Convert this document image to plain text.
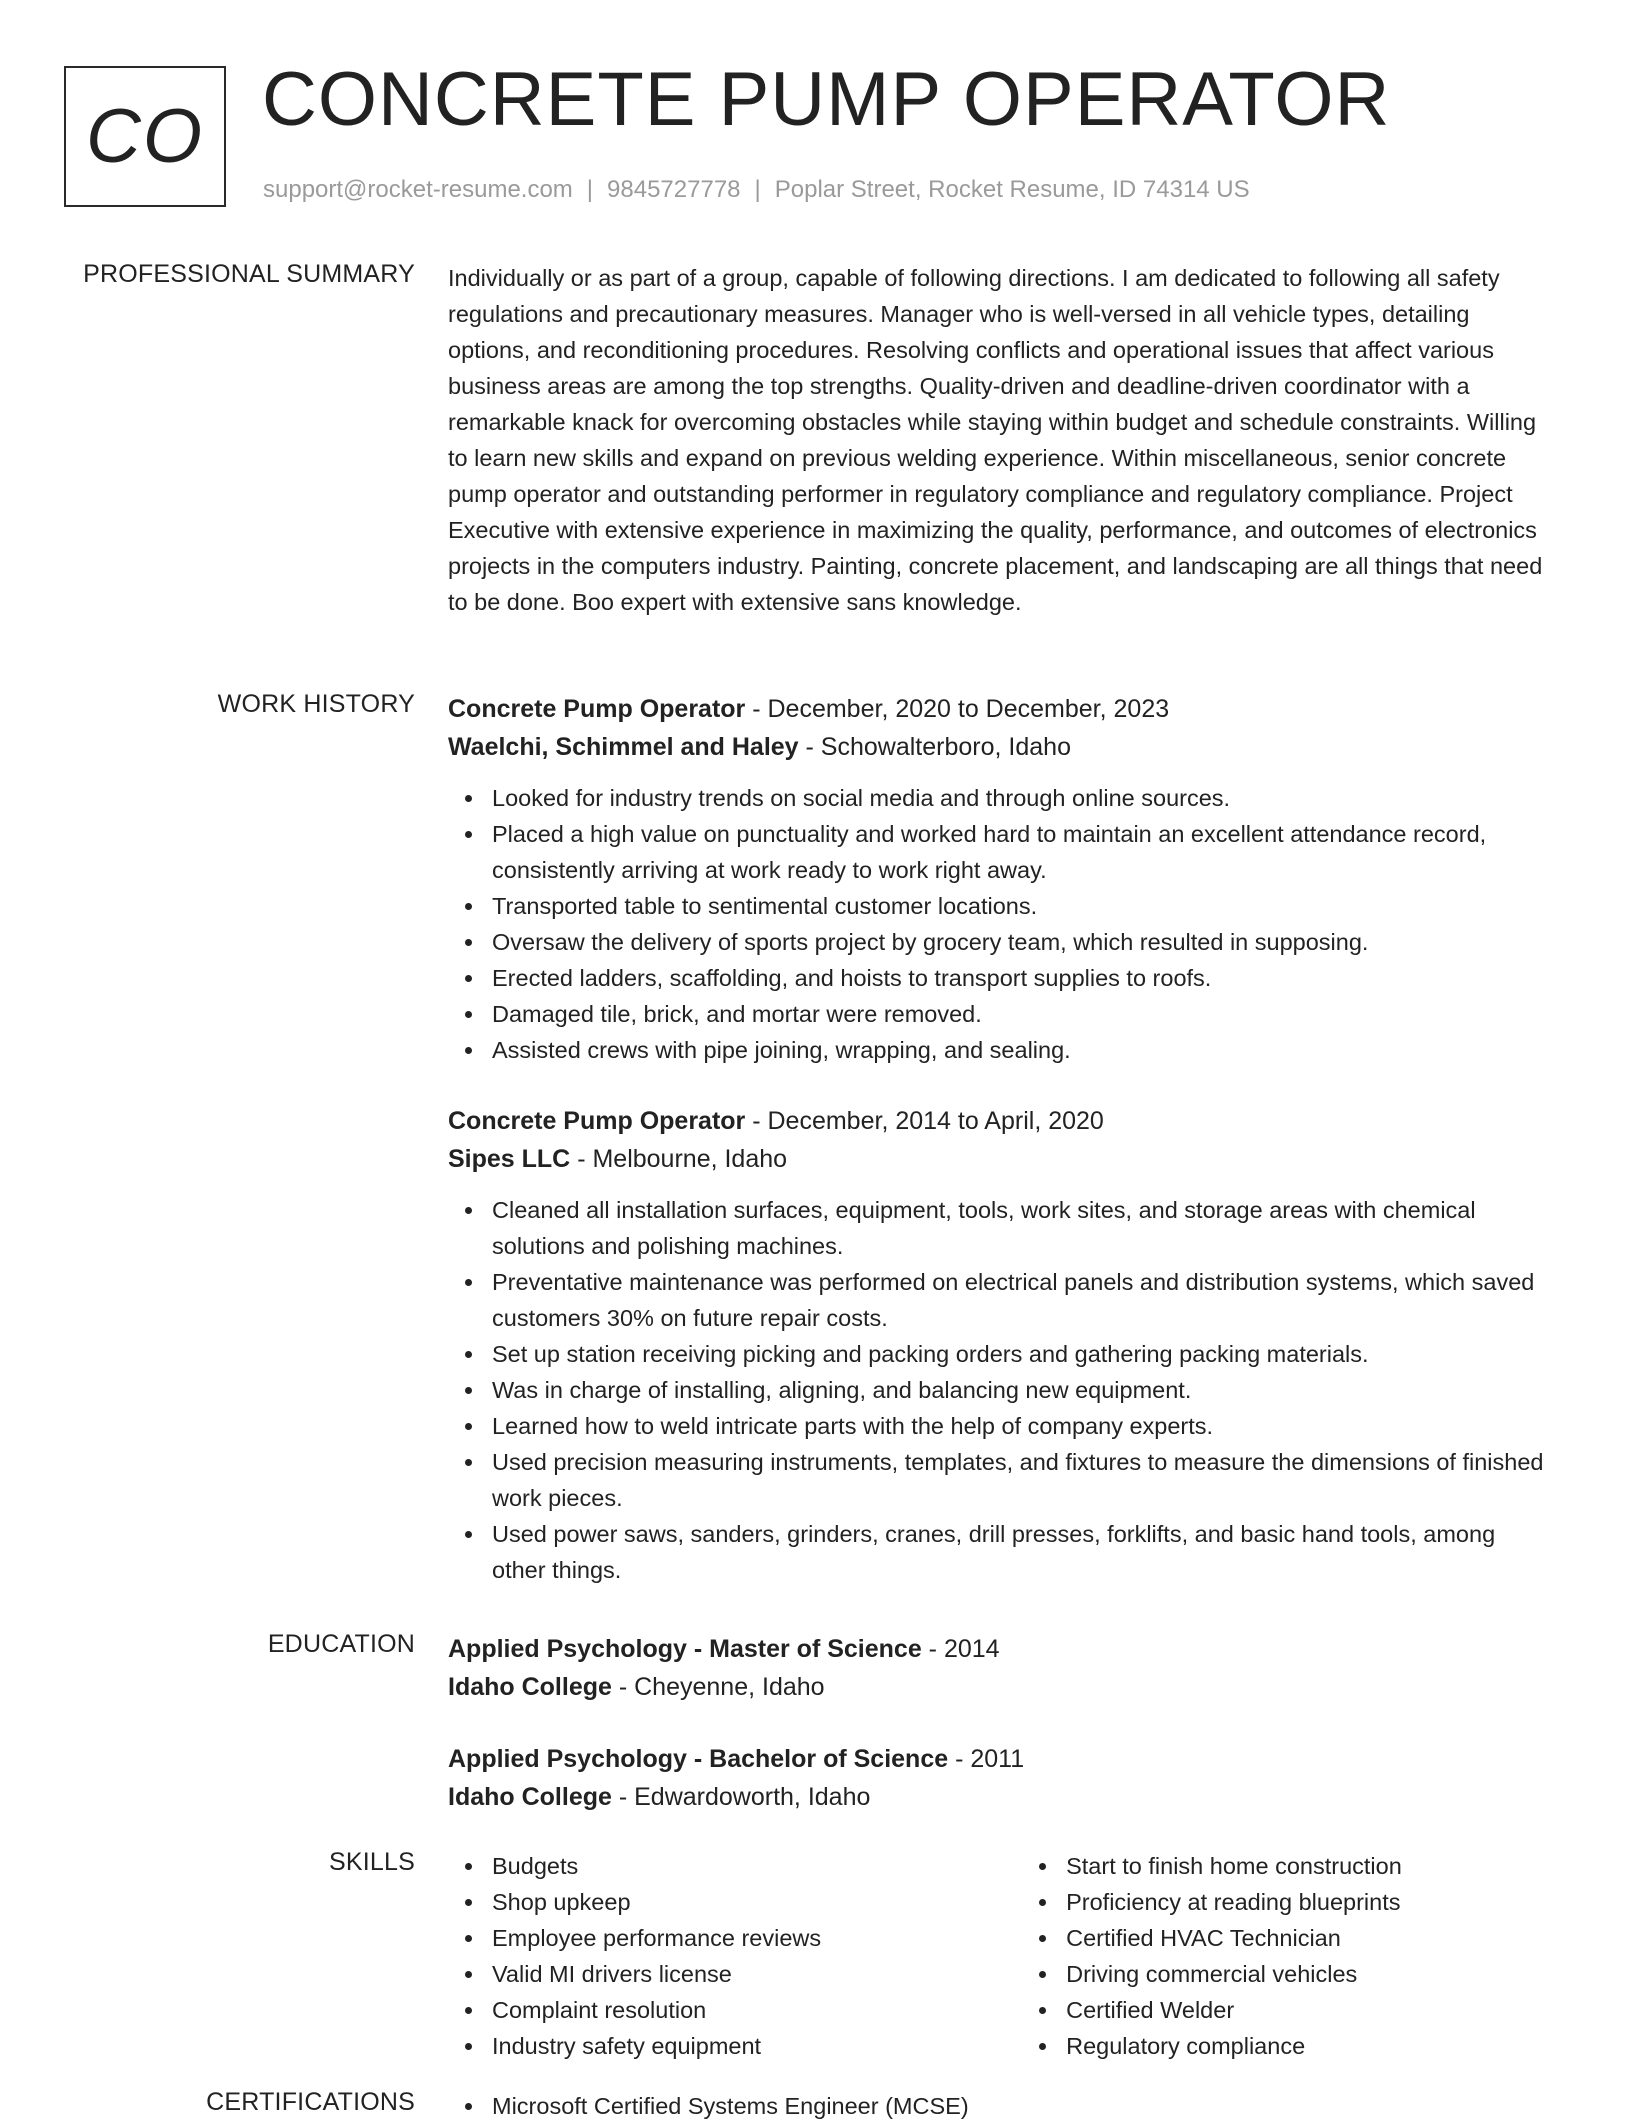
CO CONCRETE PUMP OPERATOR
support@rocket-resume.com | 9845727778 | Poplar Street, Rocket Resume, ID 74314 US
PROFESSIONAL SUMMARY Individually or as part of a group, capable of following directions. I am dedicated to following all safety regulations and precautionary measures. Manager who is well-versed in all vehicle types, detailing options, and reconditioning procedures. Resolving conflicts and operational issues that affect various business areas are among the top strengths. Quality-driven and deadline-driven coordinator with a remarkable knack for overcoming obstacles while staying within budget and schedule constraints. Willing to learn new skills and expand on previous welding experience. Within miscellaneous, senior concrete pump operator and outstanding performer in regulatory compliance and regulatory compliance. Project Executive with extensive experience in maximizing the quality, performance, and outcomes of electronics projects in the computers industry. Painting, concrete placement, and landscaping are all things that need to be done. Boo expert with extensive sans knowledge.

WORK HISTORY Concrete Pump Operator - December, 2020 to December, 2023
Waelchi, Schimmel and Haley - Schowalterboro, Idaho
Looked for industry trends on social media and through online sources.
Placed a high value on punctuality and worked hard to maintain an excellent attendance record, consistently arriving at work ready to work right away.
Transported table to sentimental customer locations.
Oversaw the delivery of sports project by grocery team, which resulted in supposing.
Erected ladders, scaffolding, and hoists to transport supplies to roofs.
Damaged tile, brick, and mortar were removed.
Assisted crews with pipe joining, wrapping, and sealing.
Concrete Pump Operator - December, 2014 to April, 2020
Sipes LLC - Melbourne, Idaho
Cleaned all installation surfaces, equipment, tools, work sites, and storage areas with chemical solutions and polishing machines.
Preventative maintenance was performed on electrical panels and distribution systems, which saved customers 30% on future repair costs.
Set up station receiving picking and packing orders and gathering packing materials.
Was in charge of installing, aligning, and balancing new equipment.
Learned how to weld intricate parts with the help of company experts.
Used precision measuring instruments, templates, and fixtures to measure the dimensions of finished work pieces.
Used power saws, sanders, grinders, cranes, drill presses, forklifts, and basic hand tools, among other things.
EDUCATION Applied Psychology - Master of Science - 2014
Idaho College - Cheyenne, Idaho
Applied Psychology - Bachelor of Science - 2011
Idaho College - Edwardoworth, Idaho
SKILLS	Budgets
Shop upkeep
Employee performance reviews
Valid MI drivers license
Complaint resolution
Industry safety equipment
Start to finish home construction
Proficiency at reading blueprints
Certified HVAC Technician
Driving commercial vehicles
Certified Welder
Regulatory compliance
CERTIFICATIONS	Microsoft Certified Systems Engineer (MCSE)
